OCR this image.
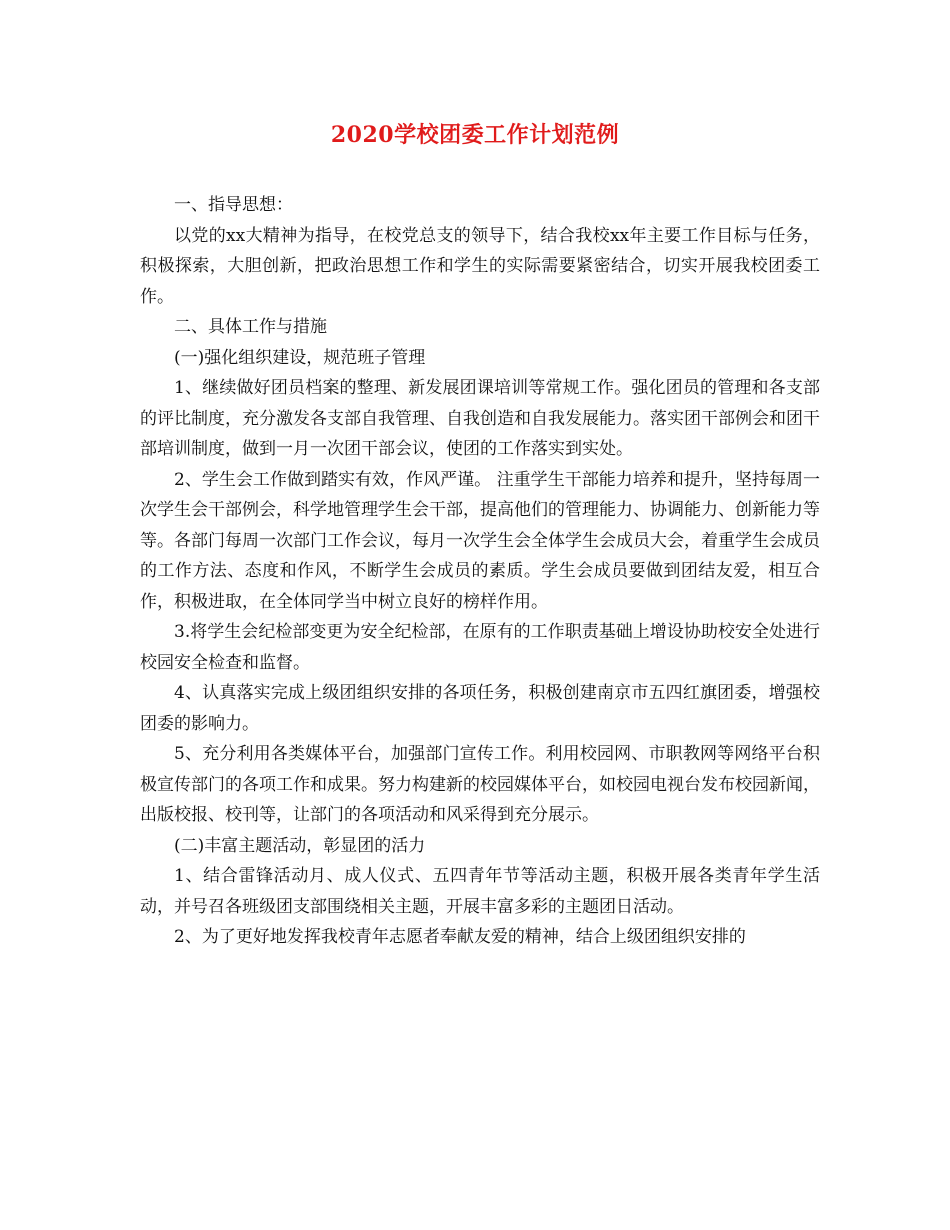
2020学校团委工作计划范例

一、指导思想：

以党的xx大精神为指导，在校党总支的领导下，结合我校xx年主要工作目标与任务，积极探索，大胆创新，把政治思想工作和学生的实际需要紧密结合，切实开展我校团委工作。

二、具体工作与措施

(一)强化组织建设，规范班子管理

1、继续做好团员档案的整理、新发展团课培训等常规工作。强化团员的管理和各支部的评比制度，充分激发各支部自我管理、自我创造和自我发展能力。落实团干部例会和团干部培训制度，做到一月一次团干部会议，使团的工作落实到实处。

2、学生会工作做到踏实有效，作风严谨。 注重学生干部能力培养和提升，坚持每周一次学生会干部例会，科学地管理学生会干部，提高他们的管理能力、协调能力、创新能力等等。各部门每周一次部门工作会议，每月一次学生会全体学生会成员大会，着重学生会成员的工作方法、态度和作风，不断学生会成员的素质。学生会成员要做到团结友爱，相互合作，积极进取，在全体同学当中树立良好的榜样作用。

3.将学生会纪检部变更为安全纪检部，在原有的工作职责基础上增设协助校安全处进行校园安全检查和监督。

4、认真落实完成上级团组织安排的各项任务，积极创建南京市五四红旗团委，增强校团委的影响力。

5、充分利用各类媒体平台，加强部门宣传工作。利用校园网、市职教网等网络平台积极宣传部门的各项工作和成果。努力构建新的校园媒体平台，如校园电视台发布校园新闻，出版校报、校刊等，让部门的各项活动和风采得到充分展示。

(二)丰富主题活动，彰显团的活力

1、结合雷锋活动月、成人仪式、五四青年节等活动主题，积极开展各类青年学生活动，并号召各班级团支部围绕相关主题，开展丰富多彩的主题团日活动。

2、为了更好地发挥我校青年志愿者奉献友爱的精神，结合上级团组织安排的
